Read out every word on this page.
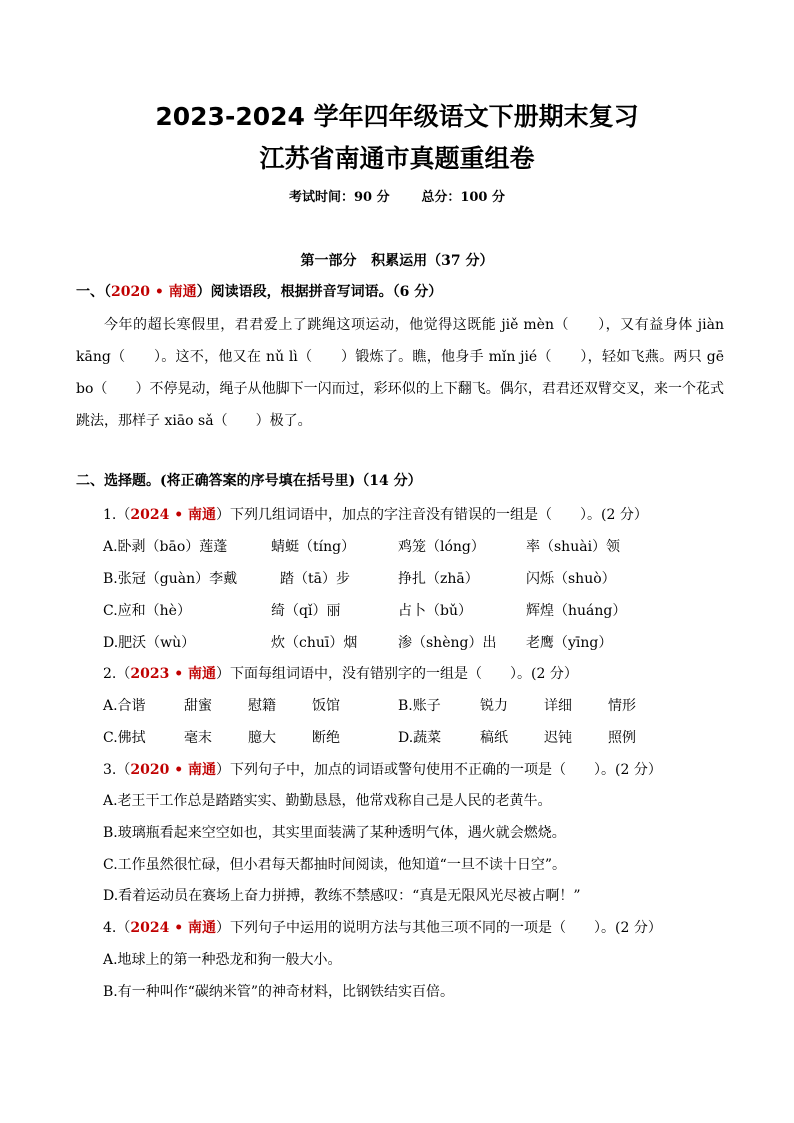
2023-2024 学年四年级语文下册期末复习
江苏省南通市真题重组卷
考试时间：90 分       总分：100 分
第一部分   积累运用（37 分）
一、（2020 • 南通）阅读语段，根据拼音写词语。（6 分）
今年的超长寒假里，君君爱上了跳绳这项运动，他觉得这既能 jiě mèn（　　），又有益身体 jiàn kāng（　　）。这不，他又在 nǔ lì（　　）锻炼了。瞧，他身手 mǐn jié（　　），轻如飞燕。两只 gē bo（　　）不停晃动，绳子从他脚下一闪而过，彩环似的上下翻飞。偶尔，君君还双臂交叉，来一个花式跳法，那样子 xiāo sǎ（　　）极了。
二、选择题。(将正确答案的序号填在括号里)（14 分）
1.（2024 • 南通）下列几组词语中，加点的字注音没有错误的一组是（　　）。(2 分）
A.卧剥（bāo）莲蓬	蜻蜓（tíng）	鸡笼（lóng）	率（shuài）领
B.张冠（guàn）李戴	踏（tā）步	挣扎（zhā）	闪烁（shuò）
C.应和（hè）	绮（qǐ）丽	占卜（bǔ）	辉煌（huáng）
D.肥沃（wù）	炊（chuī）烟	渗（shèng）出 老鹰（yīng）
2.（2023 • 南通）下面每组词语中，没有错别字的一组是（　　）。(2 分）
A.合谐	甜蜜	慰籍	饭馆	B.账子	锐力	详细	情形
C.佛拭	毫末	臆大	断绝	D.蔬菜	稿纸	迟钝	照例
3.（2020 • 南通）下列句子中，加点的词语或警句使用不正确的一项是（　　）。(2 分）
A.老王干工作总是踏踏实实、勤勤恳恳，他常戏称自己是人民的老黄牛。
B.玻璃瓶看起来空空如也，其实里面装满了某种透明气体，遇火就会燃烧。
C.工作虽然很忙碌，但小君每天都抽时间阅读，他知道“一旦不读十日空”。
D.看着运动员在赛场上奋力拼搏，教练不禁感叹：“真是无限风光尽被占啊！”
4.（2024 • 南通）下列句子中运用的说明方法与其他三项不同的一项是（　　）。(2 分）
A.地球上的第一种恐龙和狗一般大小。
B.有一种叫作“碳纳米管”的神奇材料，比钢铁结实百倍。
